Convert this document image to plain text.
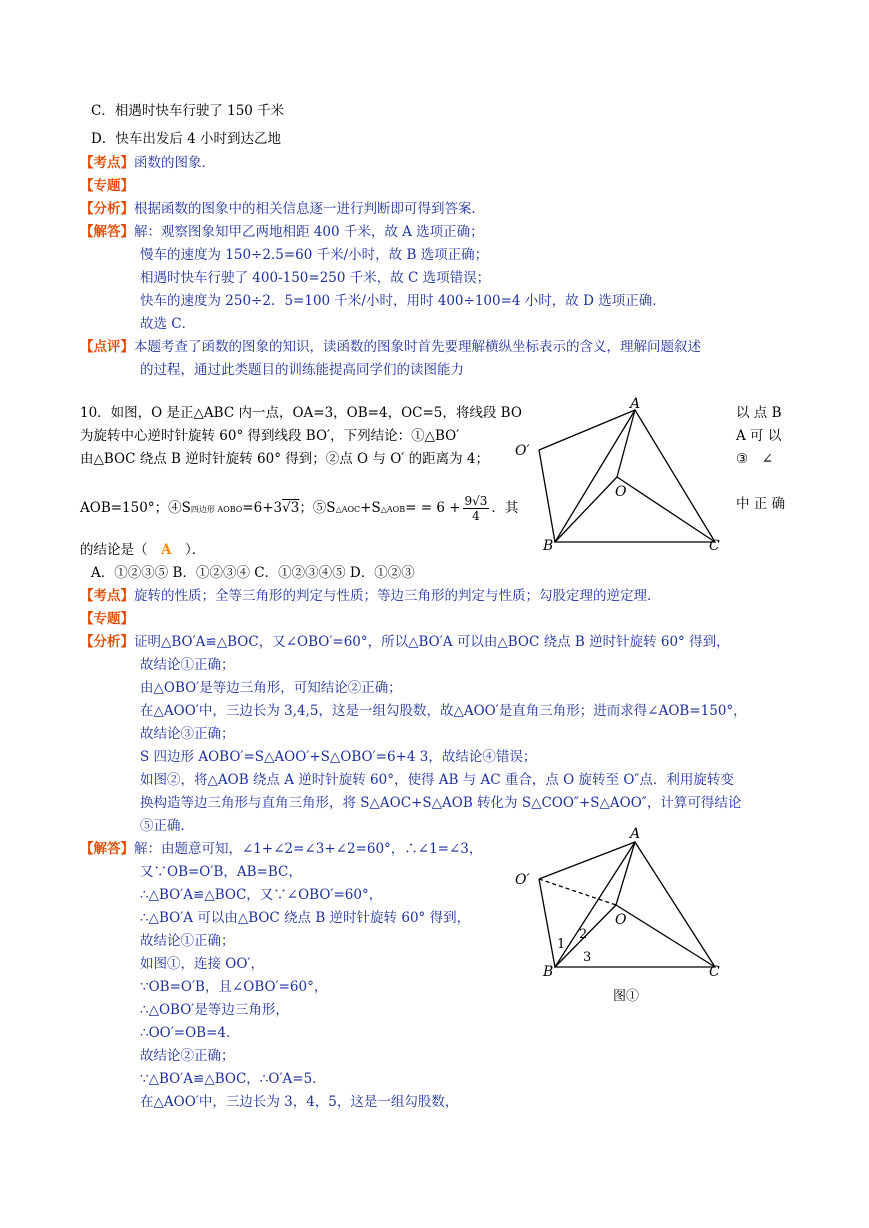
C．相遇时快车行驶了 150 千米
D．快车出发后 4 小时到达乙地
【考点】函数的图象．
【专题】
【分析】根据函数的图象中的相关信息逐一进行判断即可得到答案．
【解答】解：观察图象知甲乙两地相距 400 千米，故 A 选项正确；
慢车的速度为 150÷2.5=60 千米/小时，故 B 选项正确；
相遇时快车行驶了 400-150=250 千米，故 C 选项错误；
快车的速度为 250÷2．5=100 千米/小时，用时 400÷100=4 小时，故 D 选项正确．
故选 C．
【点评】本题考查了函数的图象的知识，读函数的图象时首先要理解横纵坐标表示的含义，理解问题叙述
的过程，通过此类题目的训练能提高同学们的读图能力
10．如图，O 是正△ABC 内一点，OA=3，OB=4，OC=5，将线段 BO	以 点 B
为旋转中心逆时针旋转 60° 得到线段 BO′，下列结论：①△BO′	A 可 以
由△BOC 绕点 B 逆时针旋转 60° 得到；②点 O 与 O′ 的距离为 4；	③　∠
AOB=150°；④S四边形 AOBO=6+3√3；⑤S△AOC+S△AOB= = $6 + \frac{9√3}{4}$ ．其	中 正 确
的结论是（　A　）．
A．①②③⑤ B．①②③④ C．①②③④⑤ D．①②③
【考点】旋转的性质；全等三角形的判定与性质；等边三角形的判定与性质；勾股定理的逆定理．
【专题】
【分析】证明△BO′A≌△BOC，又∠OBO′=60°，所以△BO′A 可以由△BOC 绕点 B 逆时针旋转 60° 得到，
故结论①正确；
由△OBO′是等边三角形，可知结论②正确；
在△AOO′中，三边长为 3,4,5，这是一组勾股数，故△AOO′是直角三角形；进而求得∠AOB=150°，
故结论③正确；
S 四边形 AOBO′=S△AOO′+S△OBO′=6+4 3，故结论④错误；
如图②，将△AOB 绕点 A 逆时针旋转 60°，使得 AB 与 AC 重合，点 O 旋转至 O″点．利用旋转变
换构造等边三角形与直角三角形，将 S△AOC+S△AOB 转化为 S△COO″+S△AOO″，计算可得结论
⑤正确．
【解答】解：由题意可知，∠1+∠2=∠3+∠2=60°，∴∠1=∠3，
又∵OB=O′B，AB=BC，
∴△BO′A≌△BOC，又∵∠OBO′=60°，
∴△BO′A 可以由△BOC 绕点 B 逆时针旋转 60° 得到，
故结论①正确；
如图①，连接 OO′，
∵OB=O′B，且∠OBO′=60°，
∴△OBO′是等边三角形，
∴OO′=OB=4．
故结论②正确；
∵△BO′A≌△BOC，∴O′A=5．
在△AOO′中，三边长为 3，4，5，这是一组勾股数，
A
O′
O
B	C
A
O′
O
B	C
1
2
3
图①
